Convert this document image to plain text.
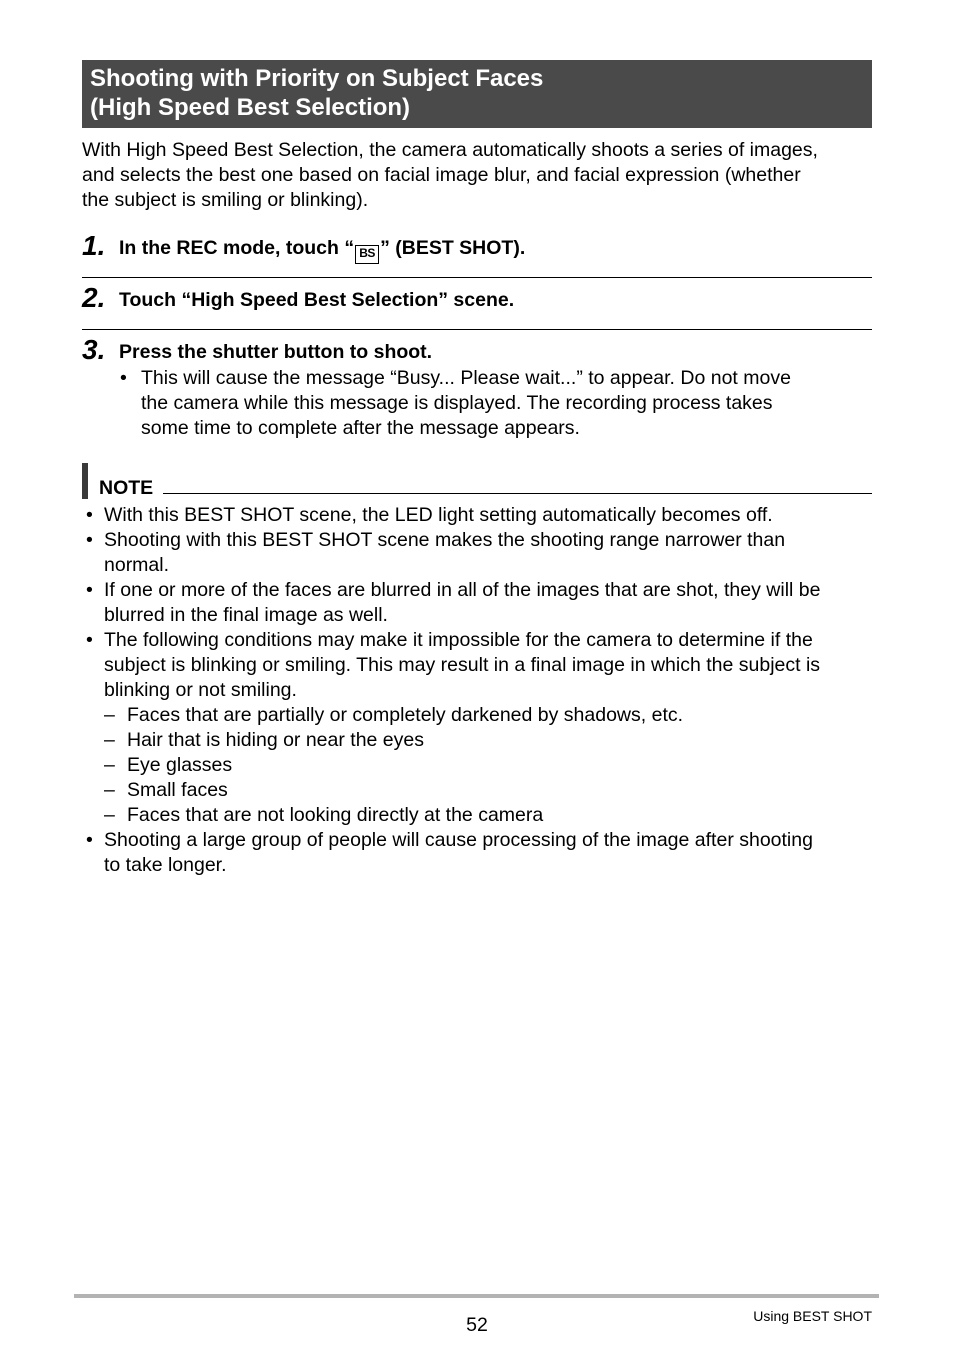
Shooting with Priority on Subject Faces
(High Speed Best Selection)
With High Speed Best Selection, the camera automatically shoots a series of images,
and selects the best one based on facial image blur, and facial expression (whether
the subject is smiling or blinking).
1. In the REC mode, touch “ BS ” (BEST SHOT).
2. Touch “High Speed Best Selection” scene.
3. Press the shutter button to shoot.
• This will cause the message “Busy... Please wait...” to appear. Do not move
the camera while this message is displayed. The recording process takes
some time to complete after the message appears.
NOTE
• With this BEST SHOT scene, the LED light setting automatically becomes off.
• Shooting with this BEST SHOT scene makes the shooting range narrower than
normal.
• If one or more of the faces are blurred in all of the images that are shot, they will be
blurred in the final image as well.
• The following conditions may make it impossible for the camera to determine if the
subject is blinking or smiling. This may result in a final image in which the subject is
blinking or not smiling.
– Faces that are partially or completely darkened by shadows, etc.
– Hair that is hiding or near the eyes
– Eye glasses
– Small faces
– Faces that are not looking directly at the camera
• Shooting a large group of people will cause processing of the image after shooting
to take longer.
52	Using BEST SHOT
